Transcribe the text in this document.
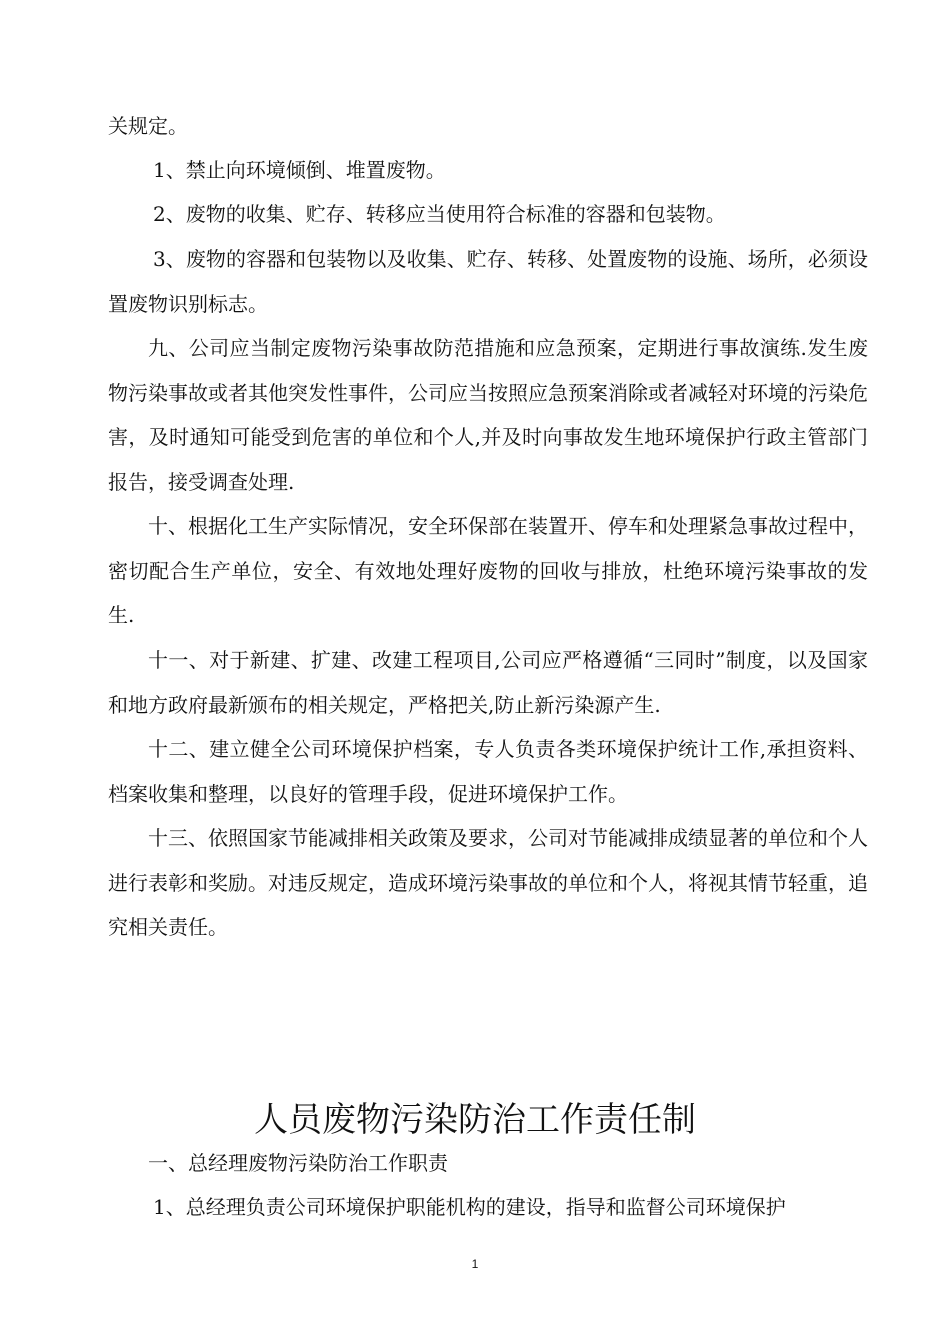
关规定。

1、禁止向环境倾倒、堆置废物。

2、废物的收集、贮存、转移应当使用符合标准的容器和包装物。

3、废物的容器和包装物以及收集、贮存、转移、处置废物的设施、场所，必须设置废物识别标志。

九、公司应当制定废物污染事故防范措施和应急预案，定期进行事故演练.发生废物污染事故或者其他突发性事件，公司应当按照应急预案消除或者减轻对环境的污染危害，及时通知可能受到危害的单位和个人,并及时向事故发生地环境保护行政主管部门报告，接受调查处理.

十、根据化工生产实际情况，安全环保部在装置开、停车和处理紧急事故过程中，密切配合生产单位，安全、有效地处理好废物的回收与排放，杜绝环境污染事故的发生.

十一、对于新建、扩建、改建工程项目,公司应严格遵循“三同时”制度，以及国家和地方政府最新颁布的相关规定，严格把关,防止新污染源产生.

十二、建立健全公司环境保护档案，专人负责各类环境保护统计工作,承担资料、档案收集和整理，以良好的管理手段，促进环境保护工作。

十三、依照国家节能减排相关政策及要求，公司对节能减排成绩显著的单位和个人进行表彰和奖励。对违反规定，造成环境污染事故的单位和个人，将视其情节轻重，追究相关责任。

人员废物污染防治工作责任制

一、总经理废物污染防治工作职责

1、总经理负责公司环境保护职能机构的建设，指导和监督公司环境保护

1
